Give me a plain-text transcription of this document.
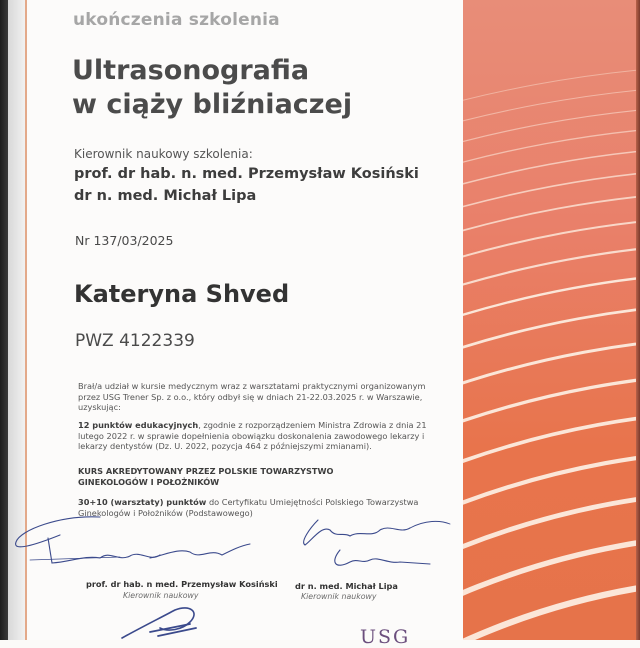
ukończenia szkolenia
Ultrasonografia
w ciąży bliźniaczej
Kierownik naukowy szkolenia:
prof. dr hab. n. med. Przemysław Kosiński
dr n. med. Michał Lipa
Nr 137/03/2025
Kateryna Shved
PWZ 4122339
Brał/a udział w kursie medycznym wraz z warsztatami praktycznymi organizowanym przez USG Trener Sp. z o.o., który odbył się w dniach 21-22.03.2025 r. w Warszawie, uzyskując:
12 punktów edukacyjnych, zgodnie z rozporządzeniem Ministra Zdrowia z dnia 21 lutego 2022 r. w sprawie dopełnienia obowiązku doskonalenia zawodowego lekarzy i lekarzy dentystów (Dz. U. 2022, pozycja 464 z późniejszymi zmianami).
KURS AKREDYTOWANY PRZEZ POLSKIE TOWARZYSTWO GINEKOLOGÓW I POŁOŻNIKÓW
30+10 (warsztaty) punktów do Certyfikatu Umiejętności Polskiego Towarzystwa Ginekologów i Położników (Podstawowego)
prof. dr hab. n med. Przemysław Kosiński
Kierownik naukowy
dr n. med. Michał Lipa
Kierownik naukowy
USG
